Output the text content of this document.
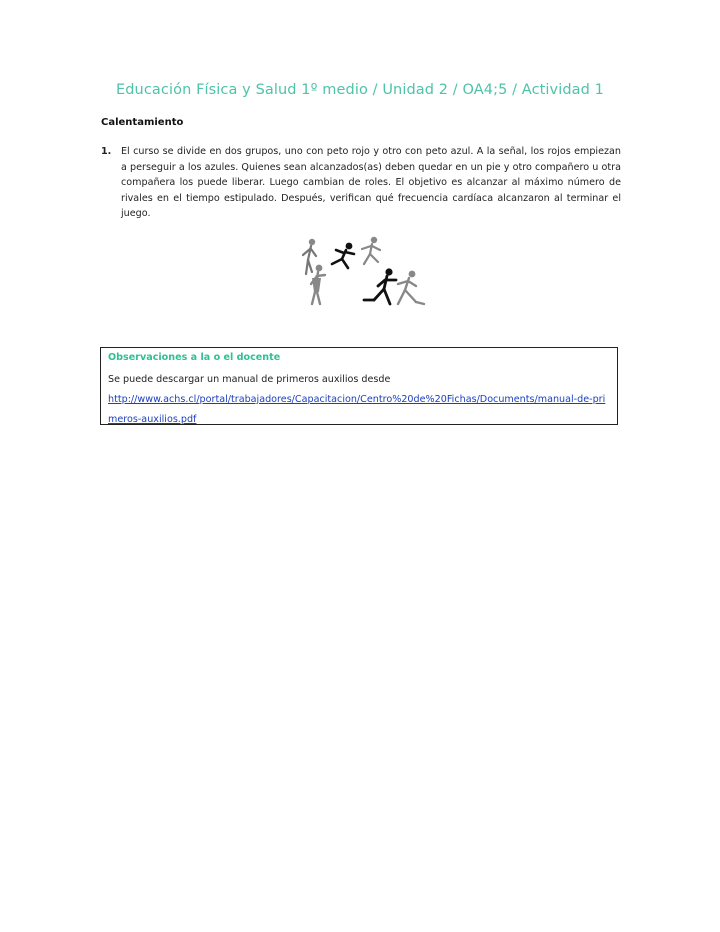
Educación Física y Salud 1º medio / Unidad 2 / OA4;5 / Actividad 1
Calentamiento
1. El curso se divide en dos grupos, uno con peto rojo y otro con peto azul. A la señal, los rojos empiezan a perseguir a los azules. Quienes sean alcanzados(as) deben quedar en un pie y otro compañero u otra compañera los puede liberar. Luego cambian de roles. El objetivo es alcanzar al máximo número de rivales en el tiempo estipulado. Después, verifican qué frecuencia cardíaca alcanzaron al terminar el juego.
Observaciones a la o el docente
Se puede descargar un manual de primeros auxilios desde
http://www.achs.cl/portal/trabajadores/Capacitacion/Centro%20de%20Fichas/Documents/manual-de-primeros-auxilios.pdf
